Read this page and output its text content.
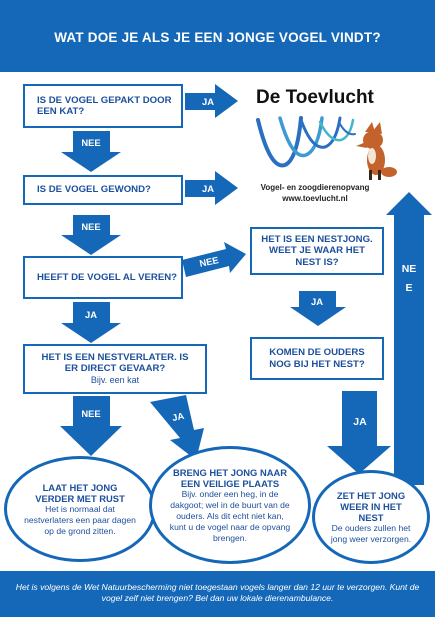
WAT DOE JE ALS JE EEN JONGE VOGEL VINDT?
JA
JA
NEE
NEE
JA
NEE
JA
NEE
NEE	JA	JA
IS DE VOGEL GEPAKT DOOR EEN KAT?
IS DE VOGEL GEWOND?
HEEFT DE VOGEL AL VEREN?
HET IS EEN NESTVERLATER. IS ER DIRECT GEVAAR?
Bijv. een kat
HET IS EEN NESTJONG. WEET JE WAAR HET NEST IS?
KOMEN DE OUDERS NOG BIJ HET NEST?
De Toevlucht
Vogel- en zoogdierenopvang
www.toevlucht.nl
LAAT HET JONG VERDER MET RUST
Het is normaal dat nestverlaters een paar dagen op de grond zitten.
BRENG HET JONG NAAR EEN VEILIGE PLAATS
Bijv. onder een heg, in de dakgoot; wel in de buurt van de ouders. Als dit echt niet kan, kunt u de vogel naar de opvang brengen.
ZET HET JONG WEER IN HET NEST
De ouders zullen het jong weer verzorgen.
Het is volgens de Wet Natuurbescherming niet toegestaan vogels langer dan 12 uur te verzorgen. Kunt de vogel zelf niet brengen? Bel dan uw lokale dierenambulance.
